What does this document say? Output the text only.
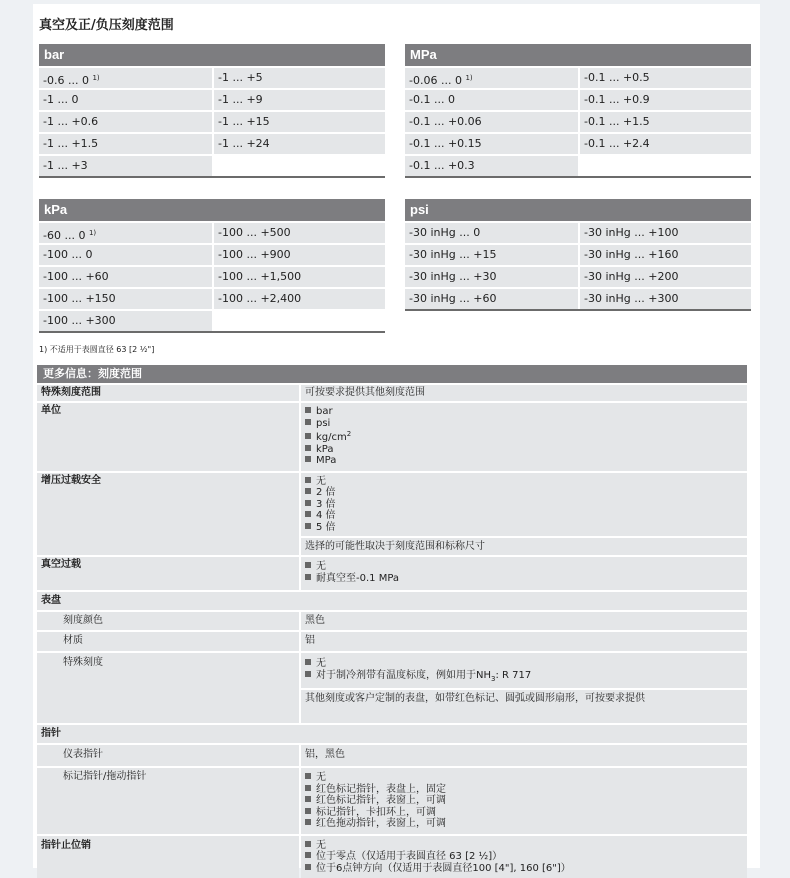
真空及正/负压刻度范围
bar
-0.6 ... 0 $^{1)}$	-1 ... +5
-1 ... 0	-1 ... +9
-1 ... +0.6	-1 ... +15
-1 ... +1.5	-1 ... +24
-1 ... +3
MPa
-0.06 ... 0 $^{1)}$	-0.1 ... +0.5
-0.1 ... 0	-0.1 ... +0.9
-0.1 ... +0.06	-0.1 ... +1.5
-0.1 ... +0.15	-0.1 ... +2.4
-0.1 ... +0.3
kPa
-60 ... 0 $^{1)}$	-100 ... +500
-100 ... 0	-100 ... +900
-100 ... +60	-100 ... +1,500
-100 ... +150	-100 ... +2,400
-100 ... +300
psi
-30 inHg ... 0	-30 inHg ... +100
-30 inHg ... +15	-30 inHg ... +160
-30 inHg ... +30	-30 inHg ... +200
-30 inHg ... +60	-30 inHg ... +300
1) 不适用于表圆直径 63 [2 ½"]
更多信息：刻度范围
特殊刻度范围	可按要求提供其他刻度范围
单位	bar
psi
$kg/cm^2$
kPa
MPa
增压过载安全	无
2 倍
3 倍
4 倍
5 倍
选择的可能性取决于刻度范围和标称尺寸
真空过载	无
耐真空至-0.1 MPa
表盘
刻度颜色	黑色
材质	铝
特殊刻度	无
对于制冷剂带有温度标度，例如用于$NH_3$: R 717
其他刻度或客户定制的表盘，如带红色标记、圆弧或圆形扇形，可按要求提供
指针
仪表指针	铝，黑色
标记指针/拖动指针	无
红色标记指针，表盘上，固定
红色标记指针，表窗上，可调
标记指针，卡扣环上，可调
红色拖动指针，表窗上，可调
指针止位销	无
位于零点（仅适用于表圆直径 63 [2 ½]）
位于6点钟方向（仅适用于表圆直径100 [4"], 160 [6"]）
